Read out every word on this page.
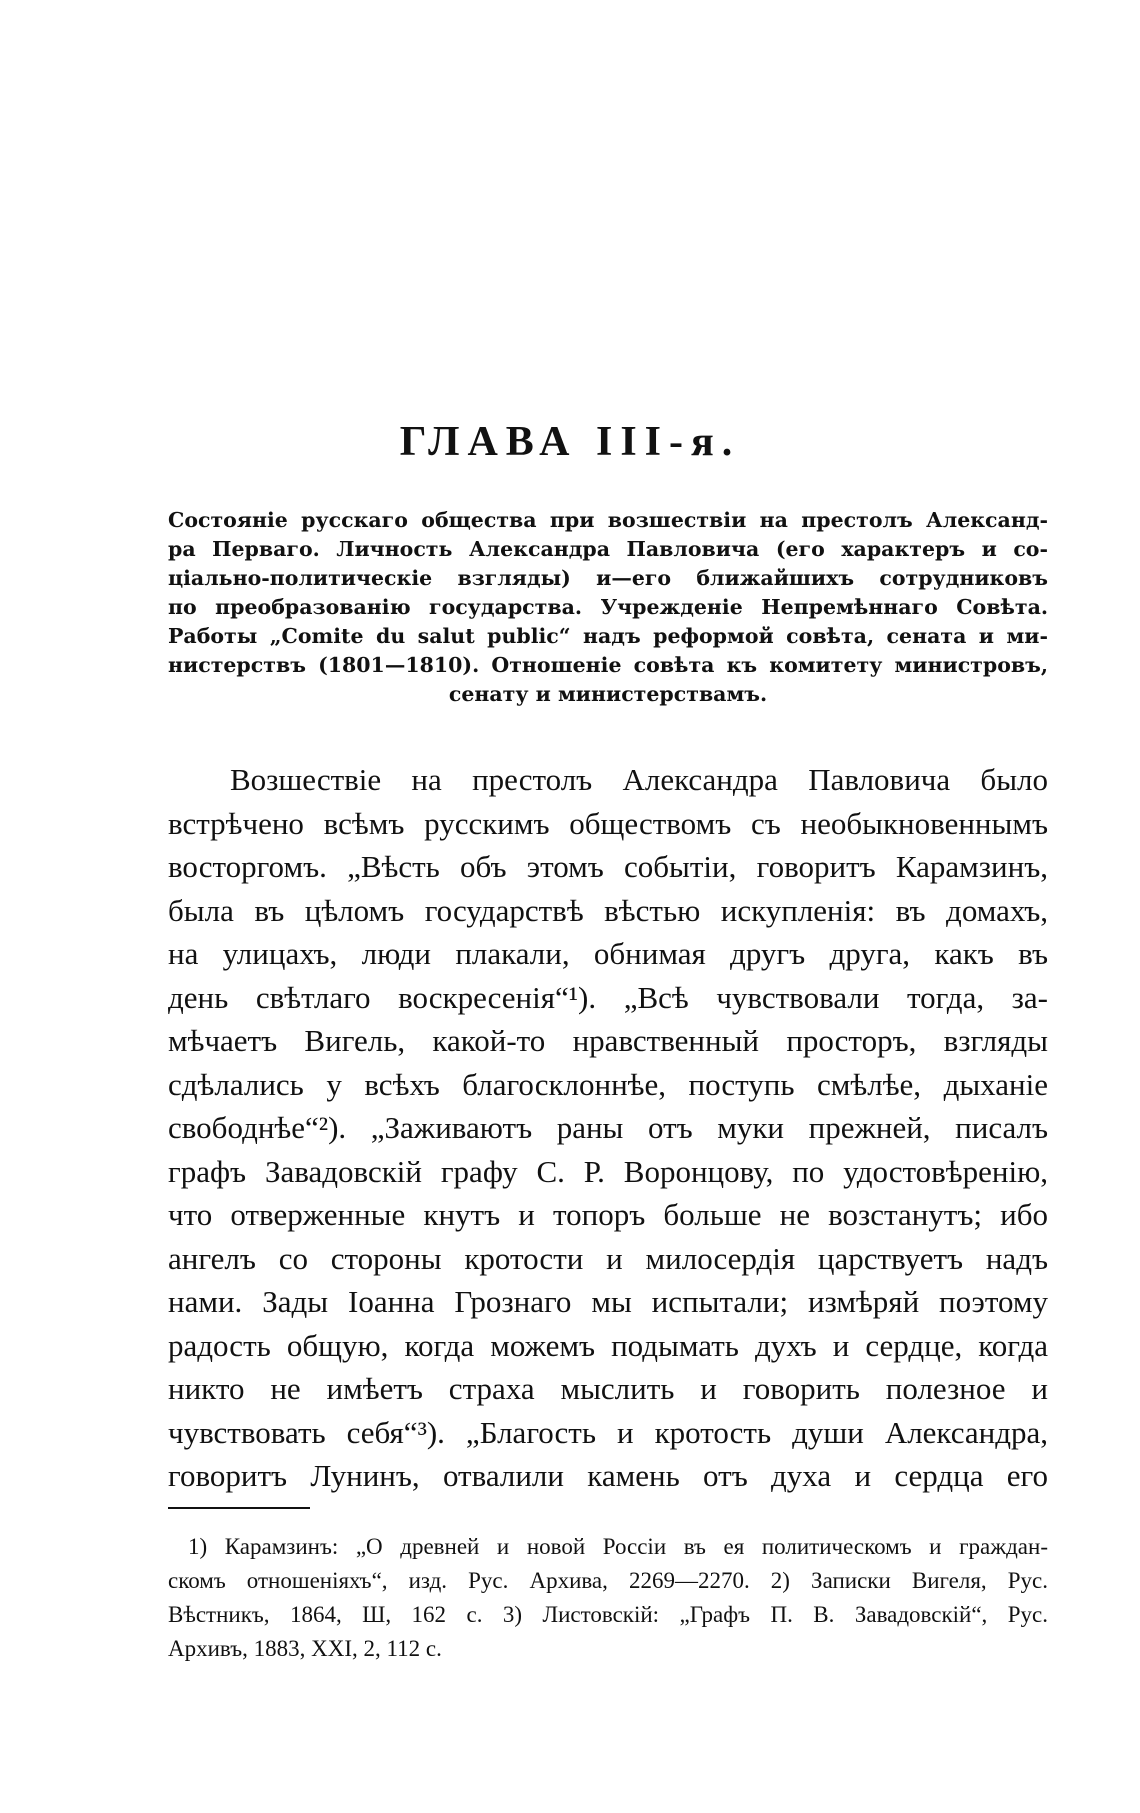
ГЛАВА III-я.
Состояніе русскаго общества при возшествіи на престолъ Александ-
ра Перваго. Личность Александра Павловича (его характеръ и со-
ціально-политическіе взгляды) и—его ближайшихъ сотрудниковъ
по преобразованію государства. Учрежденіе Непремѣннаго Совѣта.
Работы „Comite du salut public“ надъ реформой совѣта, сената и ми-
нистерствъ (1801—1810). Отношеніе совѣта къ комитету министровъ,
сенату и министерствамъ.
Возшествіе на престолъ Александра Павловича было
встрѣчено всѣмъ русскимъ обществомъ съ необыкновеннымъ
восторгомъ. „Вѣсть объ этомъ событіи, говоритъ Карамзинъ,
была въ цѣломъ государствѣ вѣстью искупленія: въ домахъ,
на улицахъ, люди плакали, обнимая другъ друга, какъ въ
день свѣтлаго воскресенія“¹). „Всѣ чувствовали тогда, за-
мѣчаетъ Вигель, какой-то нравственный просторъ, взгляды
сдѣлались у всѣхъ благосклоннѣе, поступь смѣлѣе, дыханіе
свободнѣе“²). „Заживаютъ раны отъ муки прежней, писалъ
графъ Завадовскій графу С. Р. Воронцову, по удостовѣренію,
что отверженные кнутъ и топоръ больше не возстанутъ; ибо
ангелъ со стороны кротости и милосердія царствуетъ надъ
нами. Зады Іоанна Грознаго мы испытали; измѣряй поэтому
радость общую, когда можемъ подымать духъ и сердце, когда
никто не имѣетъ страха мыслить и говорить полезное и
чувствовать себя“³). „Благость и кротость души Александра,
говоритъ Лунинъ, отвалили камень отъ духа и сердца его
1) Карамзинъ: „О древней и новой Россіи въ ея политическомъ и граждан-
скомъ отношеніяхъ“, изд. Рус. Архива, 2269—2270. 2) Записки Вигеля, Рус.
Вѣстникъ, 1864, Ш, 162 с. 3) Листовскій: „Графъ П. В. Завадовскій“, Рус.
Архивъ, 1883, XXI, 2, 112 с.
